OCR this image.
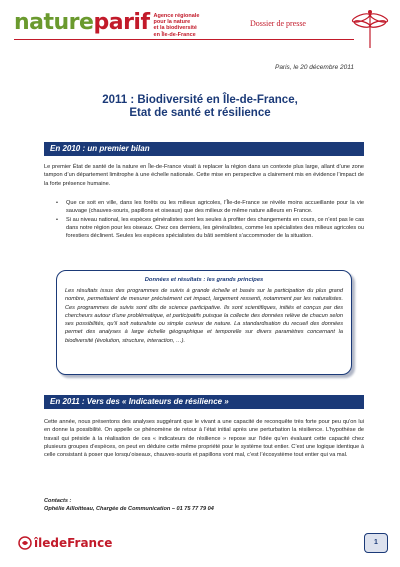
nature parif Agence régionale
pour la nature
et la biodiversité
en Île-de-France
Dossier de presse
Paris, le 20 décembre 2011
2011 : Biodiversité en Île-de-France,
Etat de santé et résilience
En 2010 : un premier bilan
Le premier État de santé de la nature en Île-de-France visait à replacer la région dans un contexte plus large, allant d’une zone tampon d’un département limitrophe à une échelle nationale. Cette mise en perspective a clairement mis en évidence l’impact de la forte présence humaine.
• Que ce soit en ville, dans les forêts ou les milieux agricoles, l’Île-de-France se révèle moins accueillante pour la vie sauvage (chauves-souris, papillons et oiseaux) que des milieux de même nature ailleurs en France.
• Si au niveau national, les espèces généralistes sont les seules à profiter des changements en cours, ce n’est pas le cas dans notre région pour les oiseaux. Chez ces derniers, les généralistes, comme les spécialistes des milieux agricoles ou forestiers déclinent. Seules les espèces spécialistes du bâti semblent s’accommoder de la situation.
Données et résultats : les grands principes
Les résultats issus des programmes de suivis à grande échelle et basés sur la participation du plus grand nombre, permettaient de mesurer précisément cet impact, largement ressenti, notamment par les naturalistes. Ces programmes de suivis sont dits de science participative. Ils sont scientifiques, initiés et conçus par des chercheurs autour d’une problématique, et participatifs puisque la collecte des données relève de chacun selon ses possibilités, qu’il soit naturaliste ou simple curieux de nature. La standardisation du recueil des données permet des analyses à large échelle géographique et temporelle sur divers paramètres concernant la biodiversité (évolution, structure, interaction, …).
En 2011 : Vers des « Indicateurs de résilience »
Cette année, nous présentons des analyses suggérant que le vivant a une capacité de reconquête très forte pour peu qu’on lui en donne la possibilité. On appelle ce phénomène de retour à l’état initial après une perturbation la résilience. L’hypothèse de travail qui préside à la réalisation de ces « indicateurs de résilience » repose sur l’idée qu’en évaluant cette capacité chez plusieurs groupes d’espèces, on peut en déduire cette même propriété pour le système tout entier. C’est une logique identique à celle consistant à poser que lorsqu’oiseaux, chauves-souris et papillons vont mal, c’est l’écosystème tout entier qui va mal.
Contacts :
Ophélie Ailloitteau, Chargée de Communication – 01 75 77 79 04
îledeFrance	1
